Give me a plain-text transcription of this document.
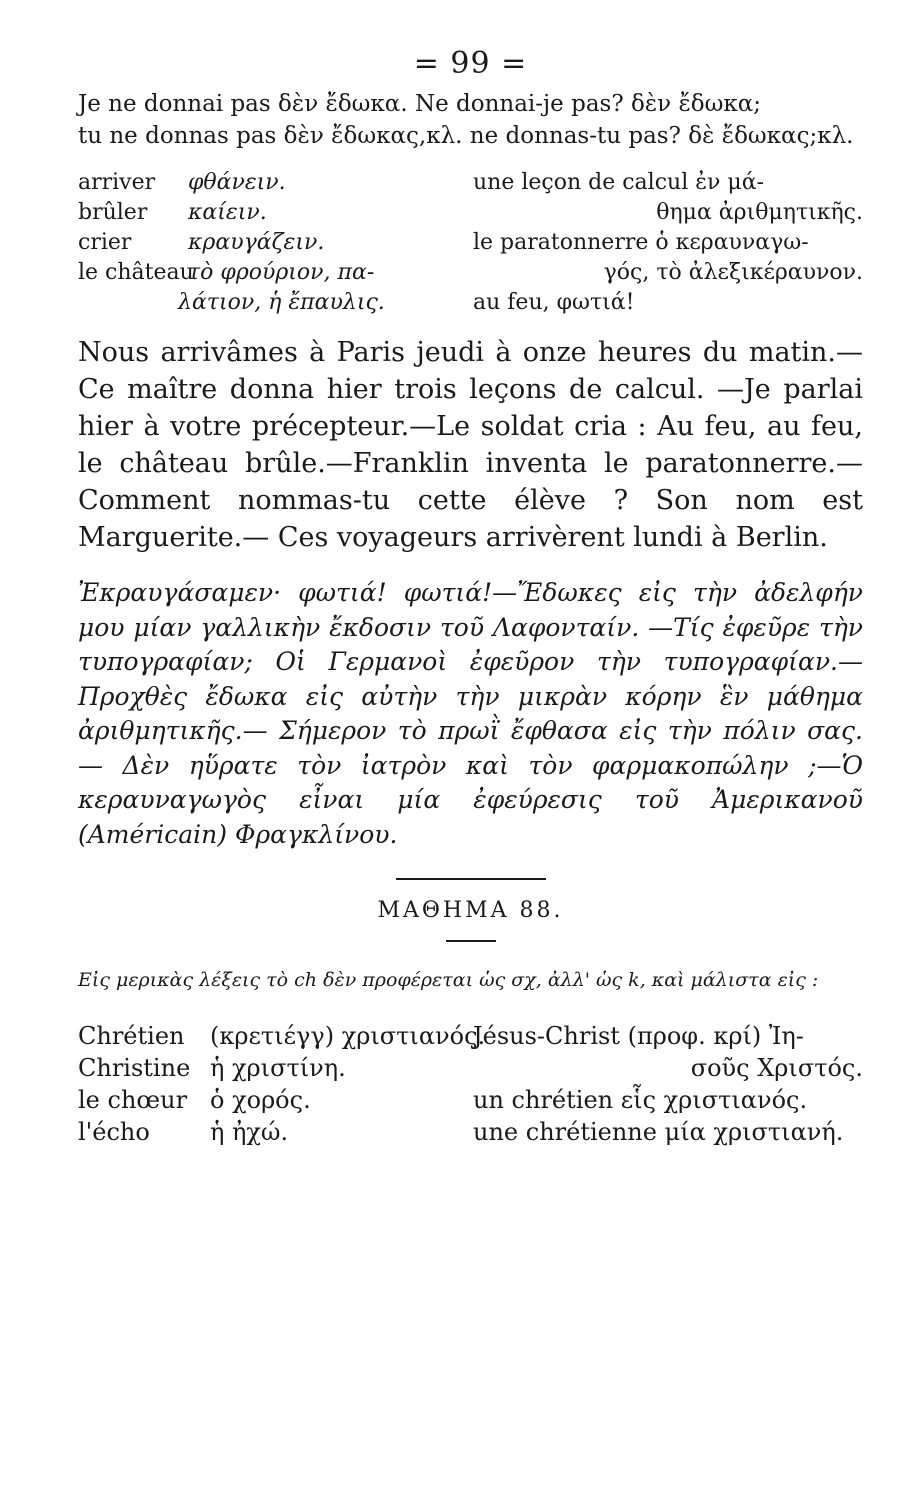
= 99 =
Je ne donnai pas δὲν ἔδωκα. Ne donnai-je pas? δὲν ἔδωκα;
tu ne donnas pas δὲν ἔδωκας,κλ. ne donnas-tu pas? δὲ ἔδωκας;κλ.
arriver φθάνειν.
brûler καίειν.
crier	κραυγάζειν.
le châteauτὸ φρούριον, πα-
λάτιον, ἡ ἔπαυλις.
une leçon de calcul ἐν μά-
θημα ἀριθμητικῆς.
le paratonnerre ὁ κεραυναγω-
γός, τὸ ἀλεξικέραυνον.
au feu, φωτιά!
Nous arrivâmes à Paris jeudi à onze heures du matin.—Ce maître donna hier trois leçons de calcul. —Je parlai hier à votre précepteur.—Le soldat cria : Au feu, au feu, le château brûle.—Franklin inventa le paratonnerre.— Comment nommas-tu cette élève ? Son nom est Marguerite.— Ces voyageurs arrivèrent lundi à Berlin.
Ἐκραυγάσαμεν· φωτιά! φωτιά!—Ἔδωκες εἰς τὴν ἀδελφήν μου μίαν γαλλικὴν ἔκδοσιν τοῦ Λαφονταίν. —Τίς ἐφεῦρε τὴν τυπογραφίαν; Οἱ Γερμανοὶ ἐφεῦρον τὴν τυπογραφίαν.—Προχθὲς ἔδωκα εἰς αὐτὴν τὴν μικρὰν κόρην ἓν μάθημα ἀριθμητικῆς.— Σήμερον τὸ πρωῒ ἔφθασα εἰς τὴν πόλιν σας. — Δὲν ηὕρατε τὸν ἰατρὸν καὶ τὸν φαρμακοπώλην ;—Ὁ κεραυναγωγὸς εἶναι μία ἐφεύρεσις τοῦ Ἀμερικανοῦ (Américain) Φραγκλίνου.
ΜΑΘΗΜΑ 88.
Εἰς μερικὰς λέξεις τὸ ch δὲν προφέρεται ὡς σχ, ἀλλ' ὡς k, καὶ μάλιστα εἰς :
Chrétien (κρετιέγγ) χριστιανός.
Christine ἡ χριστίνη.
le chœur ὁ χορός.
l'écho	ἡ ἠχώ.
Jésus-Christ (προφ. κρί) Ἰη-
σοῦς Χριστός.
un chrétien εἷς χριστιανός.
une chrétienne μία χριστιανή.
